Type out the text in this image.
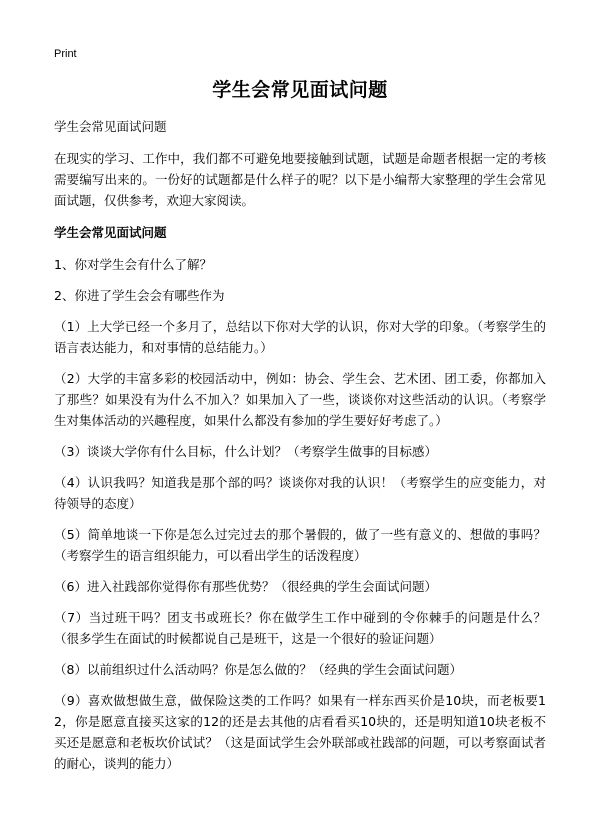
Print
学生会常见面试问题

学生会常见面试问题

在现实的学习、工作中，我们都不可避免地要接触到试题，试题是命题者根据一定的考核需要编写出来的。一份好的试题都是什么样子的呢？以下是小编帮大家整理的学生会常见面试题，仅供参考，欢迎大家阅读。

学生会常见面试问题

1、你对学生会有什么了解？

2、你进了学生会会有哪些作为

（1）上大学已经一个多月了，总结以下你对大学的认识，你对大学的印象。（考察学生的语言表达能力，和对事情的总结能力。）

（2）大学的丰富多彩的校园活动中，例如：协会、学生会、艺术团、团工委，你都加入了那些？如果没有为什么不加入？如果加入了一些，谈谈你对这些活动的认识。（考察学生对集体活动的兴趣程度，如果什么都没有参加的学生要好好考虑了。）

（3）谈谈大学你有什么目标，什么计划？（考察学生做事的目标感）

（4）认识我吗？知道我是那个部的吗？谈谈你对我的认识！（考察学生的应变能力，对待领导的态度）

（5）简单地谈一下你是怎么过完过去的那个暑假的，做了一些有意义的、想做的事吗？（考察学生的语言组织能力，可以看出学生的话泼程度）

（6）进入社践部你觉得你有那些优势？（很经典的学生会面试问题）

（7）当过班干吗？团支书或班长？你在做学生工作中碰到的令你棘手的问题是什么？（很多学生在面试的时候都说自己是班干，这是一个很好的验证问题）

（8）以前组织过什么活动吗？你是怎么做的？（经典的学生会面试问题）

（9）喜欢做想做生意，做保险这类的工作吗？如果有一样东西买价是10块，而老板要12，你是愿意直接买这家的12的还是去其他的店看看买10块的，还是明知道10块老板不买还是愿意和老板坎价试试？（这是面试学生会外联部或社践部的问题，可以考察面试者的耐心，谈判的能力）
